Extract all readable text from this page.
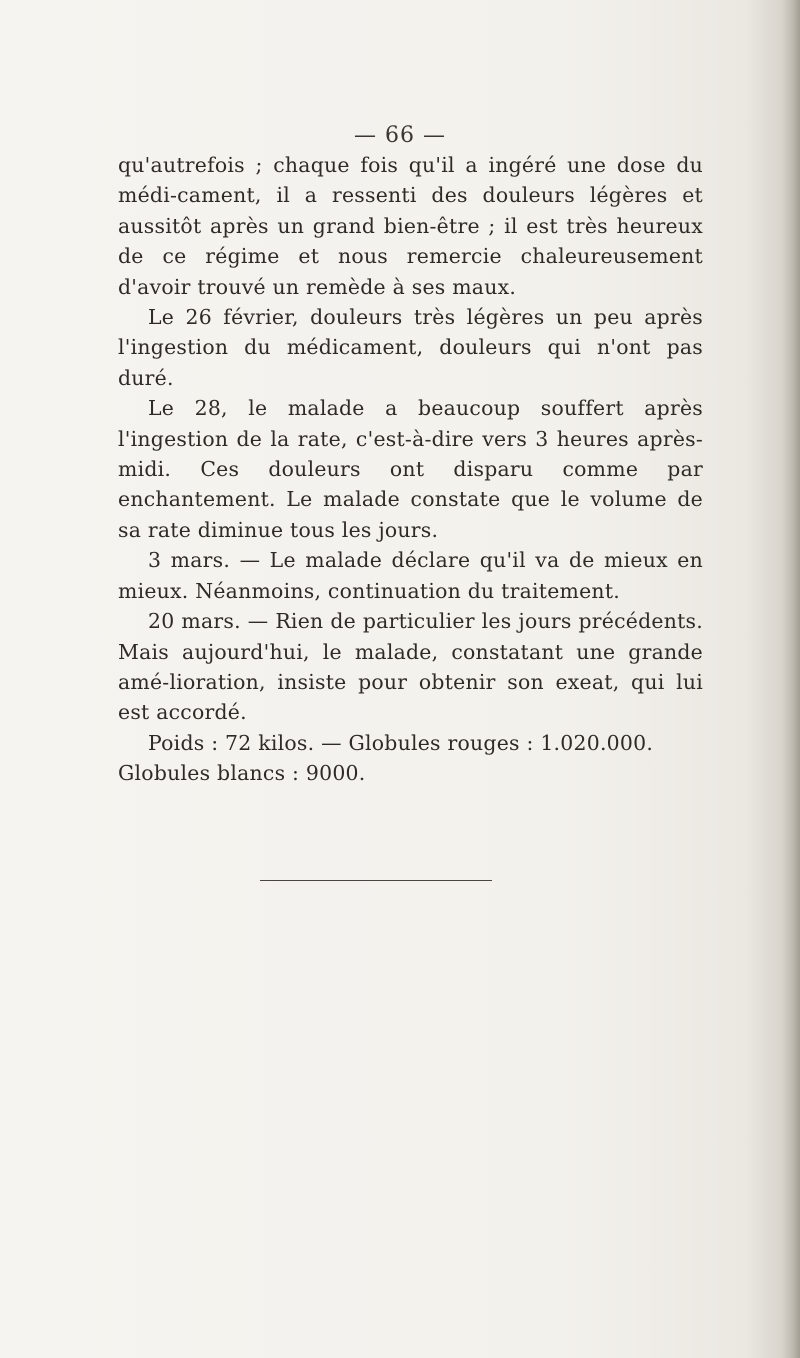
— 66 —

qu'autrefois ; chaque fois qu'il a ingéré une dose du médi-cament, il a ressenti des douleurs légères et aussitôt après un grand bien-être ; il est très heureux de ce régime et nous remercie chaleureusement d'avoir trouvé un remède à ses maux.

Le 26 février, douleurs très légères un peu après l'ingestion du médicament, douleurs qui n'ont pas duré.

Le 28, le malade a beaucoup souffert après l'ingestion de la rate, c'est-à-dire vers 3 heures après-midi. Ces douleurs ont disparu comme par enchantement. Le malade constate que le volume de sa rate diminue tous les jours.

3 mars. — Le malade déclare qu'il va de mieux en mieux. Néanmoins, continuation du traitement.

20 mars. — Rien de particulier les jours précédents. Mais aujourd'hui, le malade, constatant une grande amé-lioration, insiste pour obtenir son exeat, qui lui est accordé.

Poids : 72 kilos. — Globules rouges : 1.020.000.

Globules blancs : 9000.
